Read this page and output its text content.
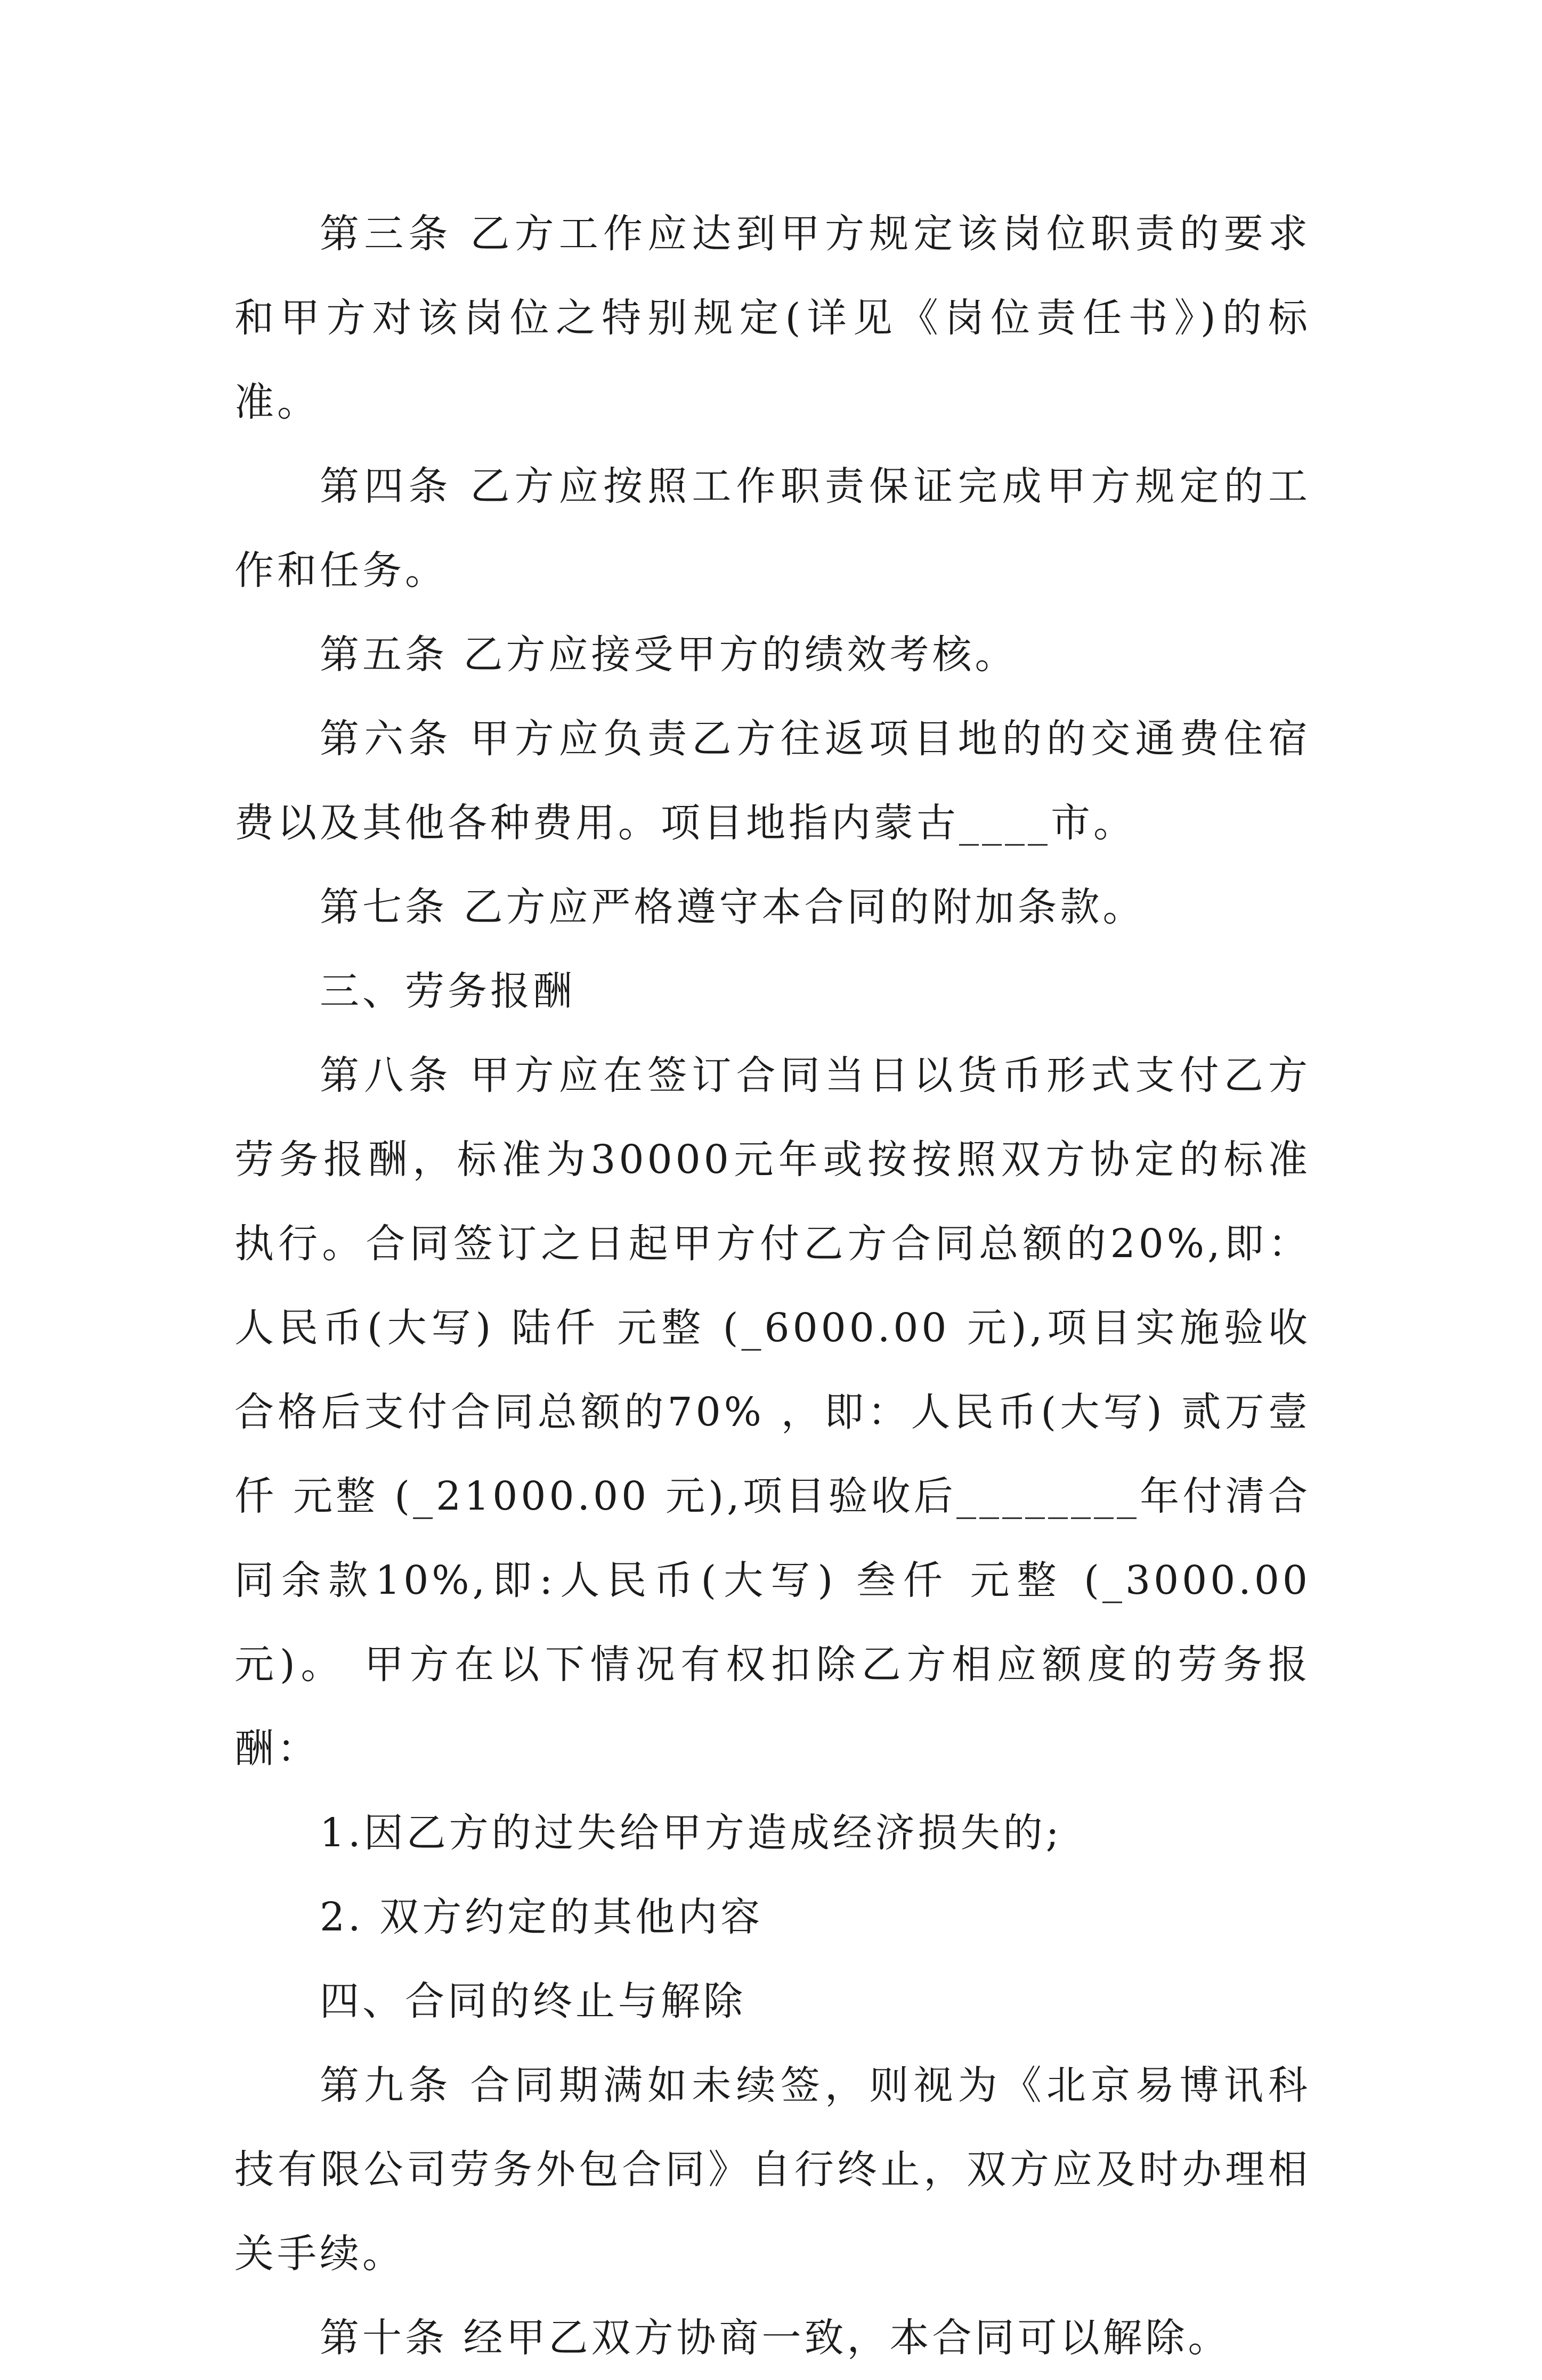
第三条 乙方工作应达到甲方规定该岗位职责的要求和甲方对该岗位之特别规定(详见《岗位责任书》)的标准。

第四条 乙方应按照工作职责保证完成甲方规定的工作和任务。

第五条 乙方应接受甲方的绩效考核。

第六条 甲方应负责乙方往返项目地的的交通费住宿费以及其他各种费用。项目地指内蒙古____市。

第七条 乙方应严格遵守本合同的附加条款。

三、劳务报酬

第八条 甲方应在签订合同当日以货币形式支付乙方劳务报酬，标准为30000元年或按按照双方协定的标准执行。合同签订之日起甲方付乙方合同总额的20%,即：人民币(大写) 陆仟 元整 (_6000.00 元),项目实施验收合格后支付合同总额的70% ，即：人民币(大写) 贰万壹仟 元整 (_21000.00 元),项目验收后________年付清合同余款10%,即:人民币(大写) 叁仟 元整 (_3000.00元)。 甲方在以下情况有权扣除乙方相应额度的劳务报酬：

1.因乙方的过失给甲方造成经济损失的;

2. 双方约定的其他内容

四、合同的终止与解除

第九条 合同期满如未续签，则视为《北京易博讯科技有限公司劳务外包合同》自行终止，双方应及时办理相关手续。

第十条 经甲乙双方协商一致，本合同可以解除。
